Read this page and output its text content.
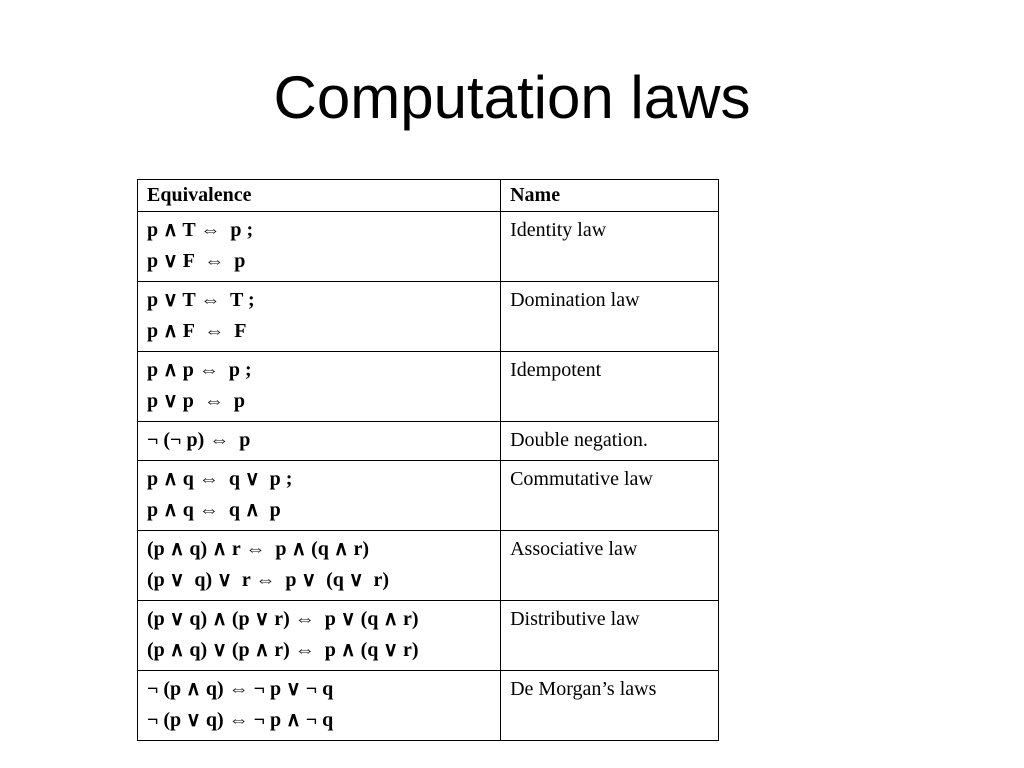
Computation laws
Equivalence	Name

p ∧ T ⇔  p ;
p ∨ F  ⇔  p	Identity law

p ∨ T ⇔  T ;
p ∧ F  ⇔  F	Domination law

p ∧ p ⇔  p ;
p ∨ p  ⇔  p	Idempotent

¬ (¬ p) ⇔  p	Double negation.

p ∧ q ⇔  q ∨  p ;
p ∧ q ⇔  q ∧  p	Commutative law

(p ∧ q) ∧ r ⇔  p ∧ (q ∧ r)
(p ∨  q) ∨  r ⇔  p ∨  (q ∨  r)	Associative law

(p ∨ q) ∧ (p ∨ r) ⇔  p ∨ (q ∧ r)
(p ∧ q) ∨ (p ∧ r) ⇔  p ∧ (q ∨ r)	Distributive law

¬ (p ∧ q) ⇔ ¬ p ∨ ¬ q
¬ (p ∨ q) ⇔ ¬ p ∧ ¬ q	De Morgan’s laws
